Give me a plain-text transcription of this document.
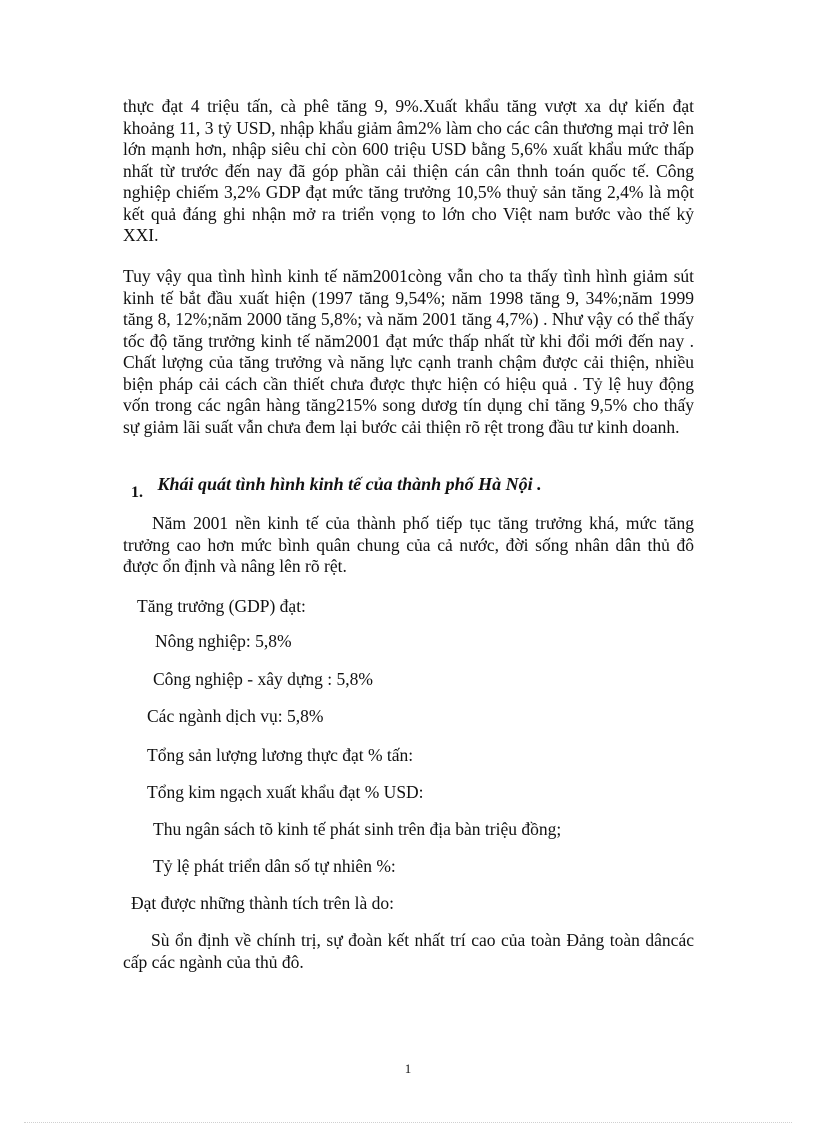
thực đạt 4 triệu tấn, cà phê tăng 9, 9%.Xuất khẩu tăng vượt xa dự kiến đạt khoảng 11, 3 tỷ USD, nhập khẩu giảm âm2% làm cho các cân thương mại trở lên lớn mạnh hơn, nhập siêu chỉ còn 600 triệu USD bằng 5,6% xuất khẩu mức thấp nhất từ trước đến nay đã góp phần cải thiện cán cân thnh toán quốc tế. Công nghiệp chiếm 3,2% GDP đạt mức tăng trưởng 10,5% thuỷ sản tăng 2,4% là một kết quả đáng ghi nhận mở ra triển vọng to lớn cho Việt nam bước vào thế kỷ XXI.

Tuy vậy qua tình hình kinh tế năm2001còng vẫn cho ta thấy tình hình giảm sút kinh tế bắt đầu xuất hiện (1997 tăng 9,54%; năm 1998 tăng 9, 34%;năm 1999 tăng 8, 12%;năm 2000 tăng 5,8%; và năm 2001 tăng 4,7%) . Như vậy có thể thấy tốc độ tăng trưởng kinh tế năm2001 đạt mức thấp nhất từ khi đổi mới đến nay . Chất lượng của tăng trưởng và năng lực cạnh tranh chậm được cải thiện, nhiều biện pháp cải cách cần thiết chưa được thực hiện có hiệu quả . Tỷ lệ huy động vốn trong các ngân hàng tăng215% song dươg tín dụng chỉ tăng 9,5% cho thấy sự giảm lãi suất vẫn chưa đem lại bước cải thiện rõ rệt trong đầu tư kinh doanh.

1. Khái quát tình hình kinh tế của thành phố Hà Nội .

Năm 2001 nền kinh tế của thành phố tiếp tục tăng trưởng khá, mức tăng trưởng cao hơn mức bình quân chung của cả nước, đời sống nhân dân thủ đô được ổn định và nâng lên rõ rệt.

Tăng trưởng (GDP) đạt:
Nông nghiệp: 5,8%
Công nghiệp - xây dựng : 5,8%
Các ngành dịch vụ: 5,8%
Tổng sản lượng lương thực đạt % tấn:
Tổng kim ngạch xuất khẩu đạt % USD:
Thu ngân sách tõ kinh tế phát sinh trên địa bàn triệu đồng;
Tỷ lệ phát triển dân số tự nhiên %:
Đạt được những thành tích trên là do:

Sù ổn định về chính trị, sự đoàn kết nhất trí cao của toàn Đảng toàn dâncác cấp các ngành của thủ đô.

1
